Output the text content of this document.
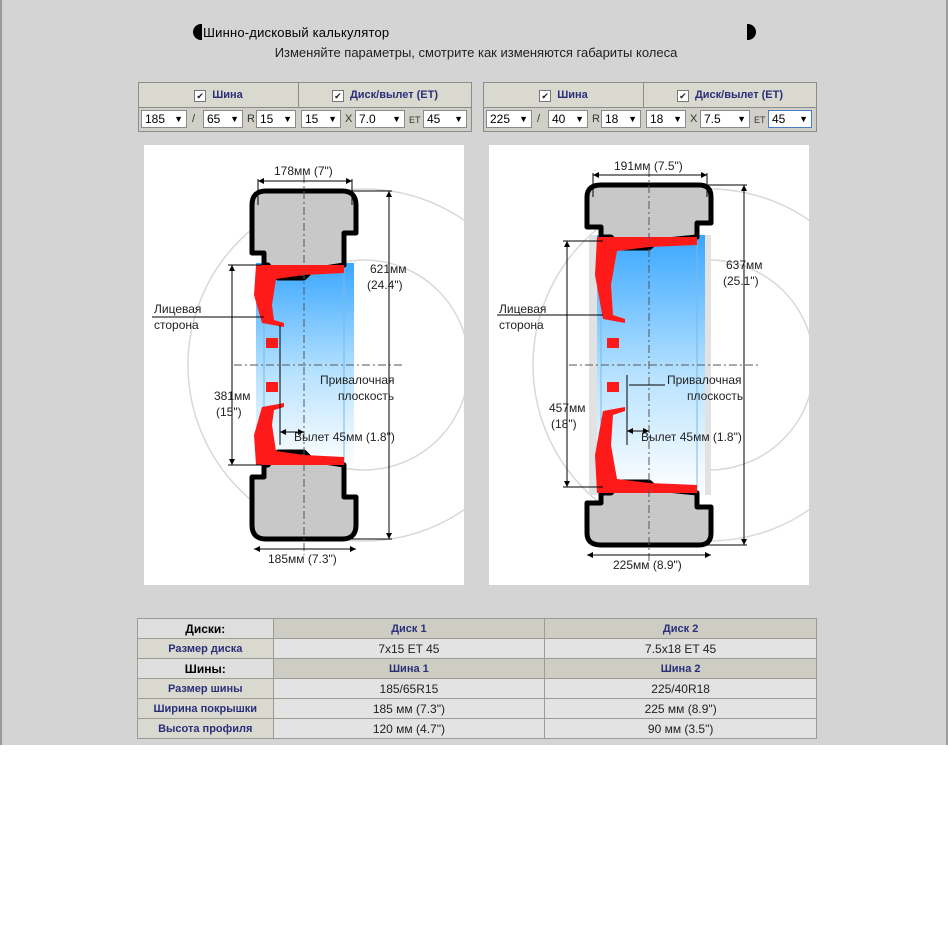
Шинно-дисковый калькулятор
Изменяйте параметры, смотрите как изменяются габариты колеса
✔ Шина	✔ Диск/вылет (ET)
185 ▼ / 65 ▼ R 15 ▼	15 ▼ X 7.0 ▼ ET 45 ▼
✔ Шина	✔ Диск/вылет (ET)
225 ▼ / 40 ▼ R 18 ▼	18 ▼ X 7.5 ▼ ET 45 ▼
178мм (7")
621мм
(24.4")
Лицевая
сторона
Привалочная
плоскость
381мм
(15")
Вылет 45мм (1.8")
185мм (7.3")
191мм (7.5")
637мм
(25.1")
Лицевая
сторона
Привалочная
плоскость
457мм
(18")
Вылет 45мм (1.8")
225мм (8.9")
Диски:	Диск 1	Диск 2
Размер диска	7x15 ET 45	7.5x18 ET 45
Шины:	Шина 1	Шина 2
Размер шины	185/65R15	225/40R18
Ширина покрышки	185 мм (7.3")	225 мм (8.9")
Высота профиля	120 мм (4.7")	90 мм (3.5")
